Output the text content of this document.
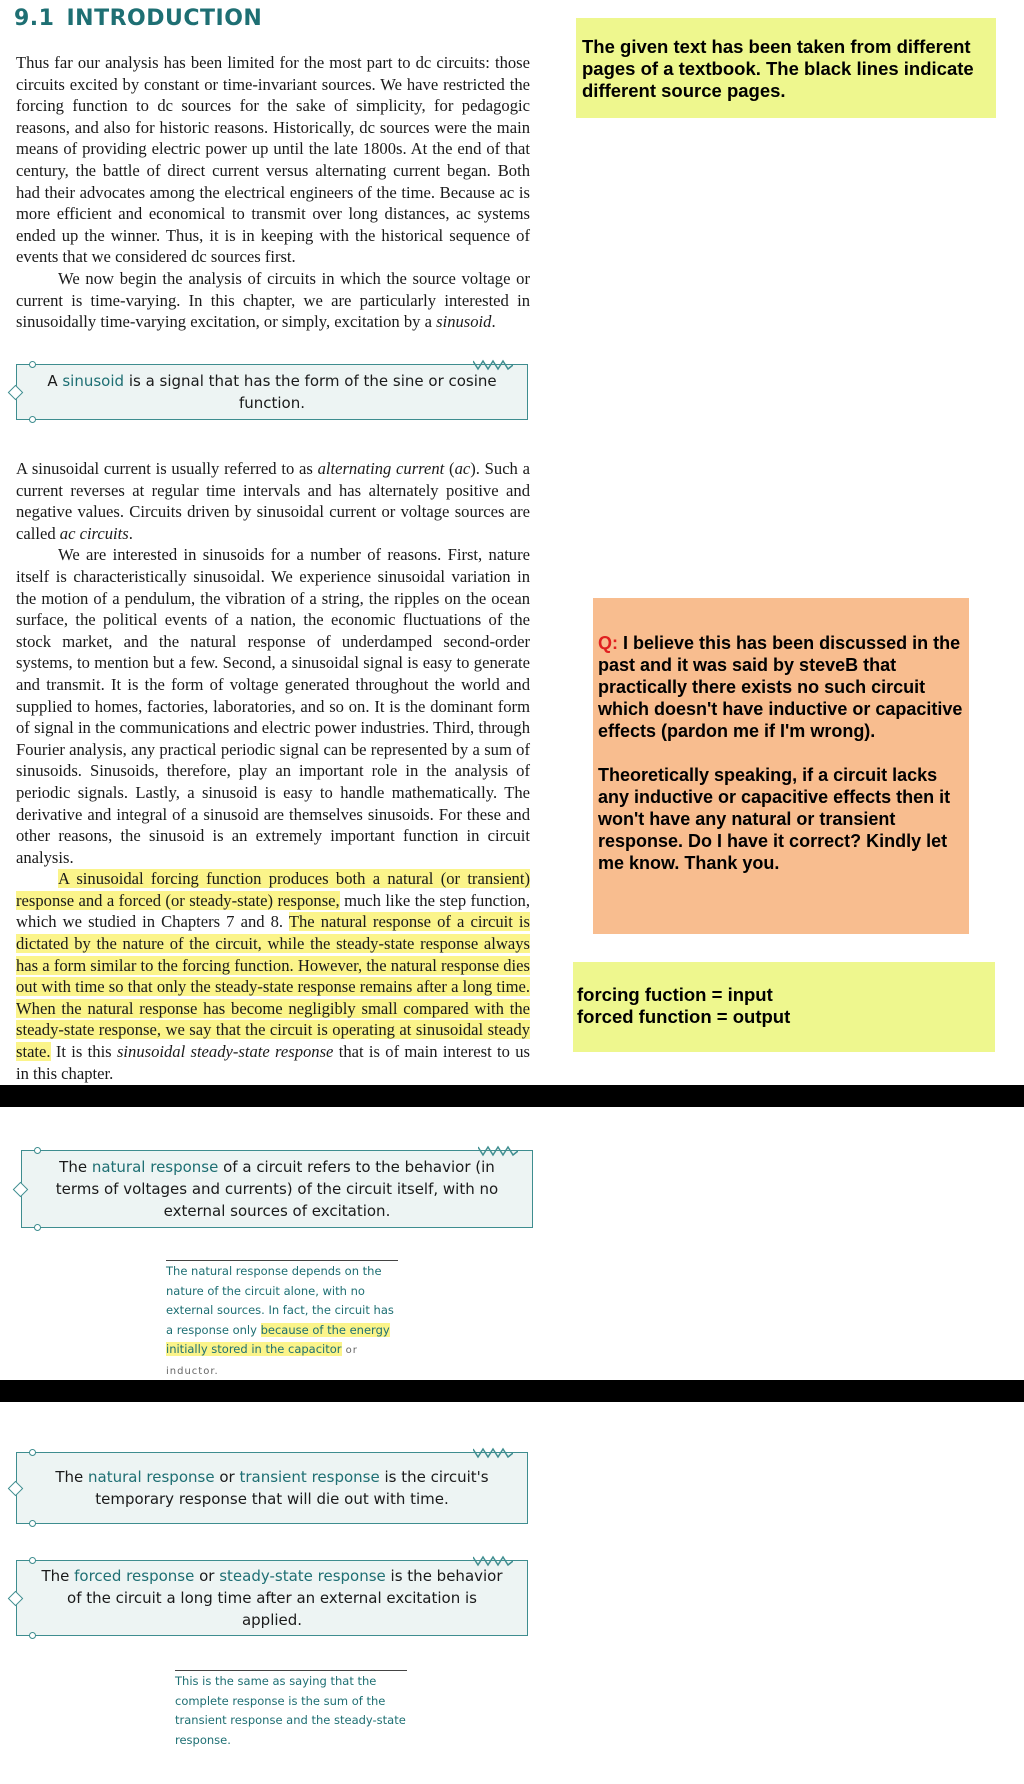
9.1 INTRODUCTION
Thus far our analysis has been limited for the most part to dc circuits: those circuits excited by constant or time-invariant sources. We have restricted the forcing function to dc sources for the sake of simplicity, for pedagogic reasons, and also for historic reasons. Historically, dc sources were the main means of providing electric power up until the late 1800s. At the end of that century, the battle of direct current versus alternating current began. Both had their advocates among the electrical engineers of the time. Because ac is more efficient and economical to transmit over long distances, ac systems ended up the winner. Thus, it is in keeping with the historical sequence of events that we considered dc sources first.
We now begin the analysis of circuits in which the source voltage or current is time-varying. In this chapter, we are particularly interested in sinusoidally time-varying excitation, or simply, excitation by a sinusoid.
A sinusoid is a signal that has the form of the sine or cosine function.
A sinusoidal current is usually referred to as alternating current (ac). Such a current reverses at regular time intervals and has alternately positive and negative values. Circuits driven by sinusoidal current or voltage sources are called ac circuits.
We are interested in sinusoids for a number of reasons. First, nature itself is characteristically sinusoidal. We experience sinusoidal variation in the motion of a pendulum, the vibration of a string, the ripples on the ocean surface, the political events of a nation, the economic fluctuations of the stock market, and the natural response of underdamped second-order systems, to mention but a few. Second, a sinusoidal signal is easy to generate and transmit. It is the form of voltage generated throughout the world and supplied to homes, factories, laboratories, and so on. It is the dominant form of signal in the communications and electric power industries. Third, through Fourier analysis, any practical periodic signal can be represented by a sum of sinusoids. Sinusoids, therefore, play an important role in the analysis of periodic signals. Lastly, a sinusoid is easy to handle mathematically. The derivative and integral of a sinusoid are themselves sinusoids. For these and other reasons, the sinusoid is an extremely important function in circuit analysis.
A sinusoidal forcing function produces both a natural (or transient) response and a forced (or steady-state) response, much like the step function, which we studied in Chapters 7 and 8. The natural response of a circuit is dictated by the nature of the circuit, while the steady-state response always has a form similar to the forcing function. However, the natural response dies out with time so that only the steady-state response remains after a long time. When the natural response has become negligibly small compared with the steady-state response, we say that the circuit is operating at sinusoidal steady state. It is this sinusoidal steady-state response that is of main interest to us in this chapter.
The natural response of a circuit refers to the behavior (in terms of voltages and currents) of the circuit itself, with no external sources of excitation.
The natural response depends on the nature of the circuit alone, with no external sources. In fact, the circuit has a response only because of the energy initially stored in the capacitor or inductor.
The natural response or transient response is the circuit's temporary response that will die out with time.
The forced response or steady-state response is the behavior of the circuit a long time after an external excitation is applied.
This is the same as saying that the complete response is the sum of the transient response and the steady-state response.
The given text has been taken from different pages of a textbook. The black lines indicate different source pages.
Q: I believe this has been discussed in the past and it was said by steveB that practically there exists no such circuit which doesn't have inductive or capacitive effects (pardon me if I'm wrong).
Theoretically speaking, if a circuit lacks any inductive or capacitive effects then it won't have any natural or transient response. Do I have it correct? Kindly let me know. Thank you.
forcing fuction = input
forced function = output
